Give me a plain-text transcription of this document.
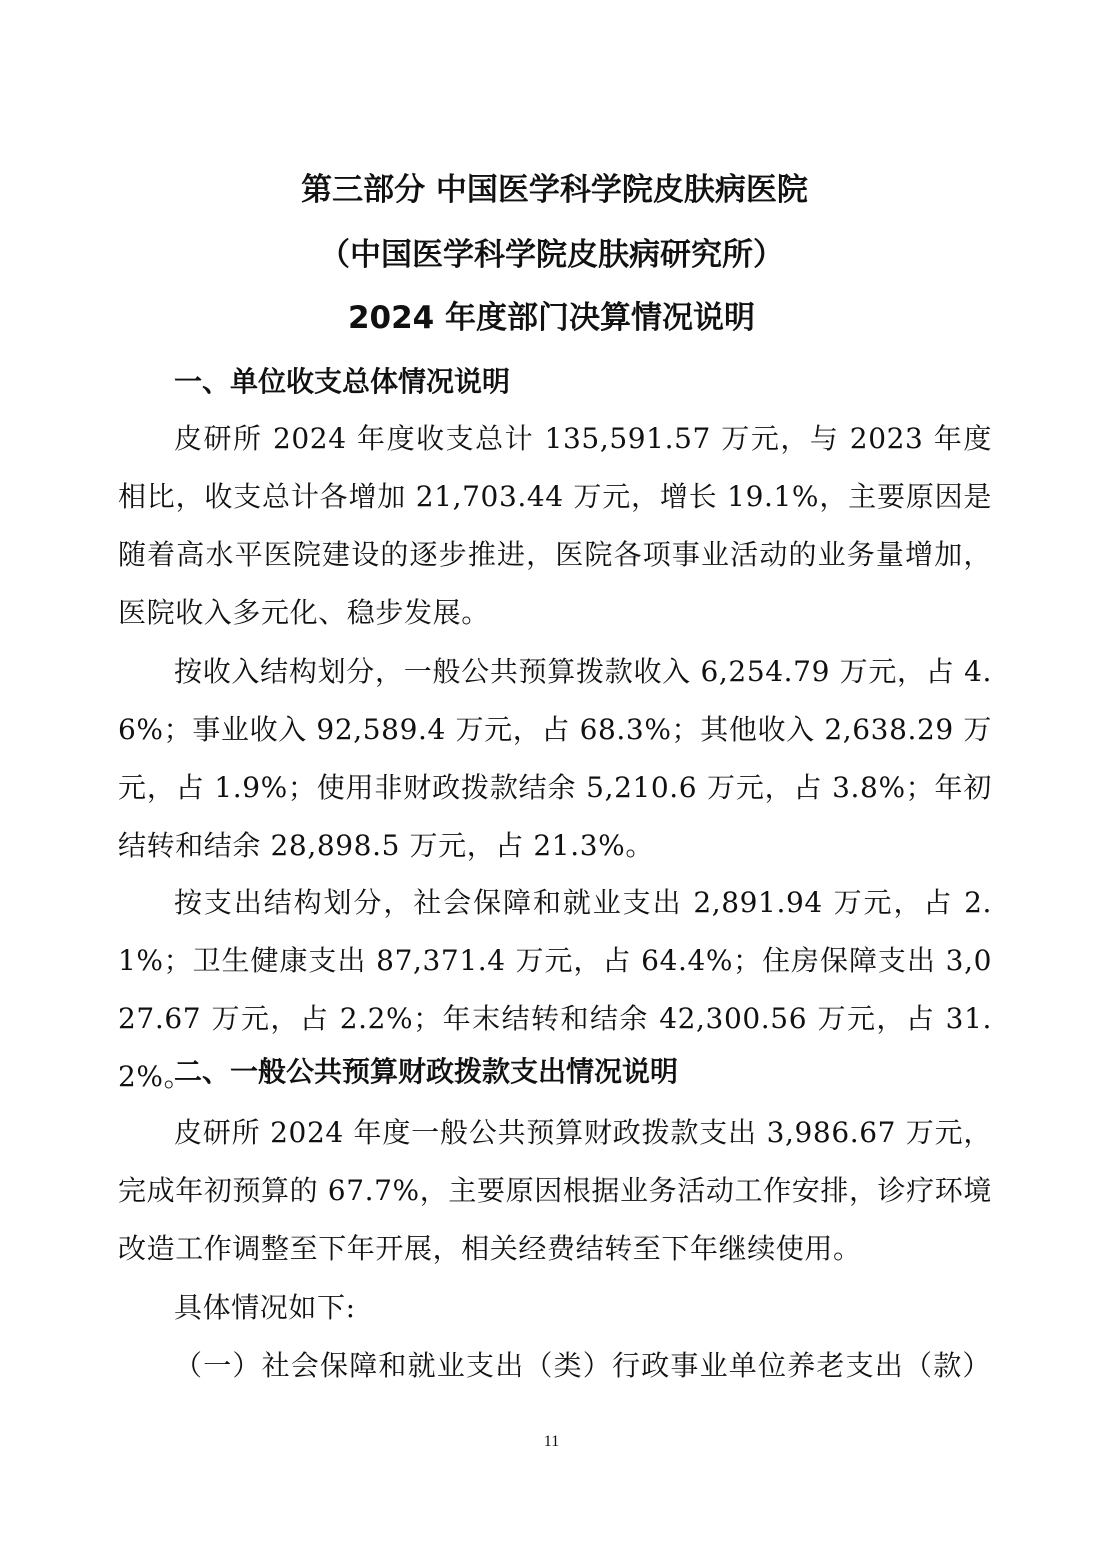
第三部分 中国医学科学院皮肤病医院
（中国医学科学院皮肤病研究所）
2024 年度部门决算情况说明
一、单位收支总体情况说明

皮研所 2024 年度收支总计 135,591.57 万元，与 2023 年度相比，收支总计各增加 21,703.44 万元，增长 19.1%，主要原因是随着高水平医院建设的逐步推进，医院各项事业活动的业务量增加，医院收入多元化、稳步发展。

按收入结构划分，一般公共预算拨款收入 6,254.79 万元，占 4.6%；事业收入 92,589.4 万元，占 68.3%；其他收入 2,638.29 万元，占 1.9%；使用非财政拨款结余 5,210.6 万元，占 3.8%；年初结转和结余 28,898.5 万元，占 21.3%。

按支出结构划分，社会保障和就业支出 2,891.94 万元，占 2.1%；卫生健康支出 87,371.4 万元，占 64.4%；住房保障支出 3,027.67 万元，占 2.2%；年末结转和结余 42,300.56 万元，占 31.2%。

二、一般公共预算财政拨款支出情况说明

皮研所 2024 年度一般公共预算财政拨款支出 3,986.67 万元，完成年初预算的 67.7%，主要原因根据业务活动工作安排，诊疗环境改造工作调整至下年开展，相关经费结转至下年继续使用。

具体情况如下:

（一）社会保障和就业支出（类）行政事业单位养老支出（款）

11
